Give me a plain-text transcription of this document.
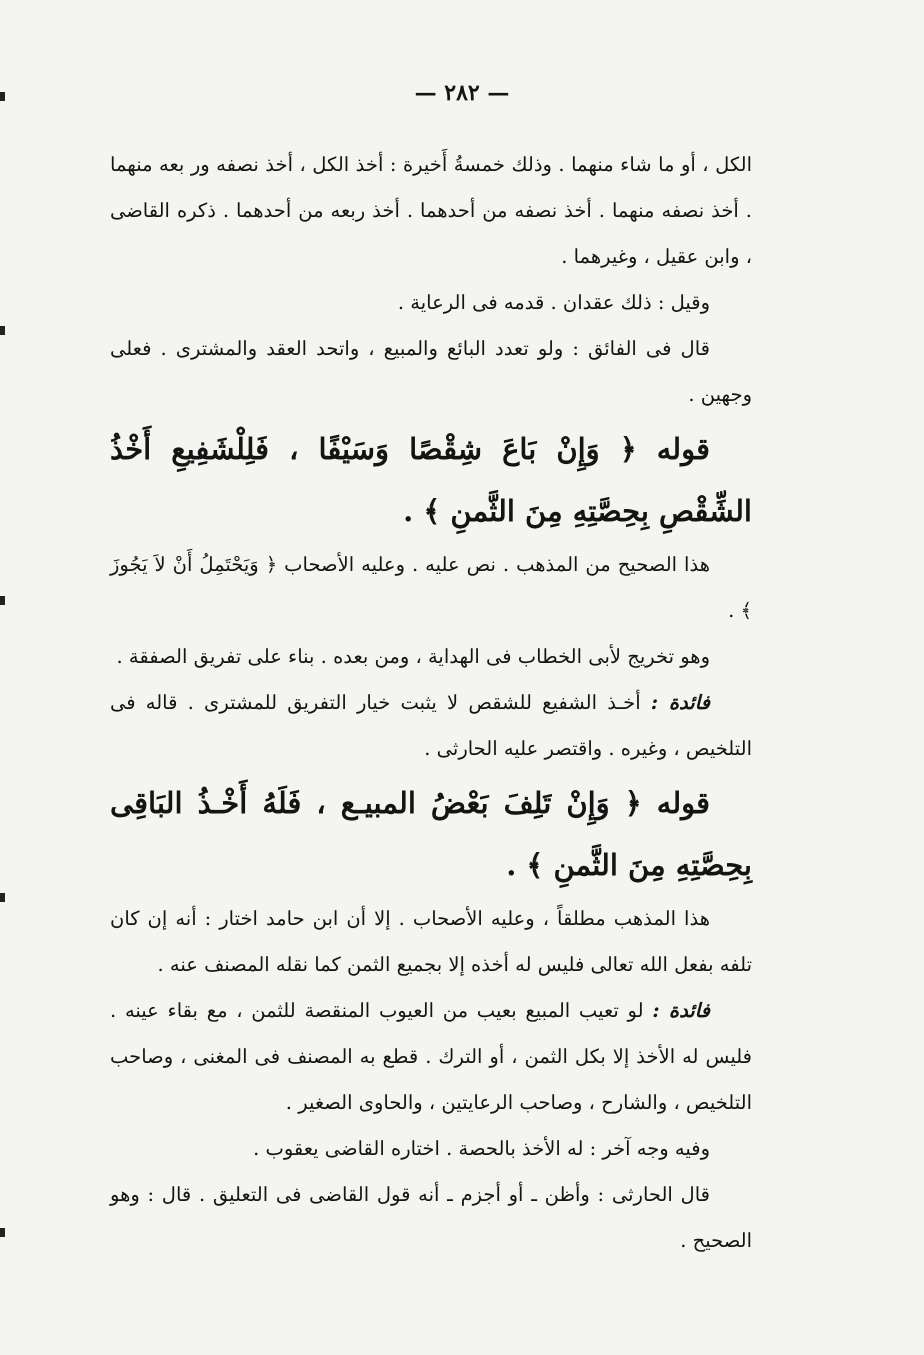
— ٢٨٢ —

الكل ، أو ما شاء منهما . وذلك خمسةُ أَخيرة : أخذ الكل ، أخذ نصفه ور بعه منهما . أخذ نصفه منهما . أخذ نصفه من أحدهما . أخذ ربعه من أحدهما . ذكره القاضى ، وابن عقيل ، وغيرهما .

وقيل : ذلك عقدان . قدمه فى الرعاية .

قال فى الفائق : ولو تعدد البائع والمبيع ، واتحد العقد والمشترى . فعلى وجهين .

قوله ﴿ وَإِنْ بَاعَ شِقْصًا وَسَيْفًا ، فَلِلْشَفِيعِ أَخْذُ الشِّقْصِ بِحِصَّتِهِ مِنَ الثَّمنِ ﴾ .

هذا الصحيح من المذهب . نص عليه . وعليه الأصحاب ﴿ وَيَحْتَمِلُ أَنْ لاَ يَجُوزَ ﴾ .

وهو تخريج لأبى الخطاب فى الهداية ، ومن بعده . بناء على تفريق الصفقة .

فائدة : أخـذ الشفيع للشقص لا يثبت خيار التفريق للمشترى . قاله فى التلخيص ، وغيره . واقتصر عليه الحارثى .

قوله ﴿ وَإِنْ تَلِفَ بَعْضُ المبيـع ، فَلَهُ أَخْـذُ البَاقِى بِحِصَّتِهِ مِنَ الثَّمنِ ﴾ .

هذا المذهب مطلقاً ، وعليه الأصحاب . إلا أن ابن حامد اختار : أنه إن كان تلفه بفعل الله تعالى فليس له أخذه إلا بجميع الثمن كما نقله المصنف عنه .

فائدة : لو تعيب المبيع بعيب من العيوب المنقصة للثمن ، مع بقاء عينه . فليس له الأخذ إلا بكل الثمن ، أو الترك . قطع به المصنف فى المغنى ، وصاحب التلخيص ، والشارح ، وصاحب الرعايتين ، والحاوى الصغير .

وفيه وجه آخر : له الأخذ بالحصة . اختاره القاضى يعقوب .

قال الحارثى : وأظن ـ أو أجزم ـ أنه قول القاضى فى التعليق . قال : وهو الصحيح .
